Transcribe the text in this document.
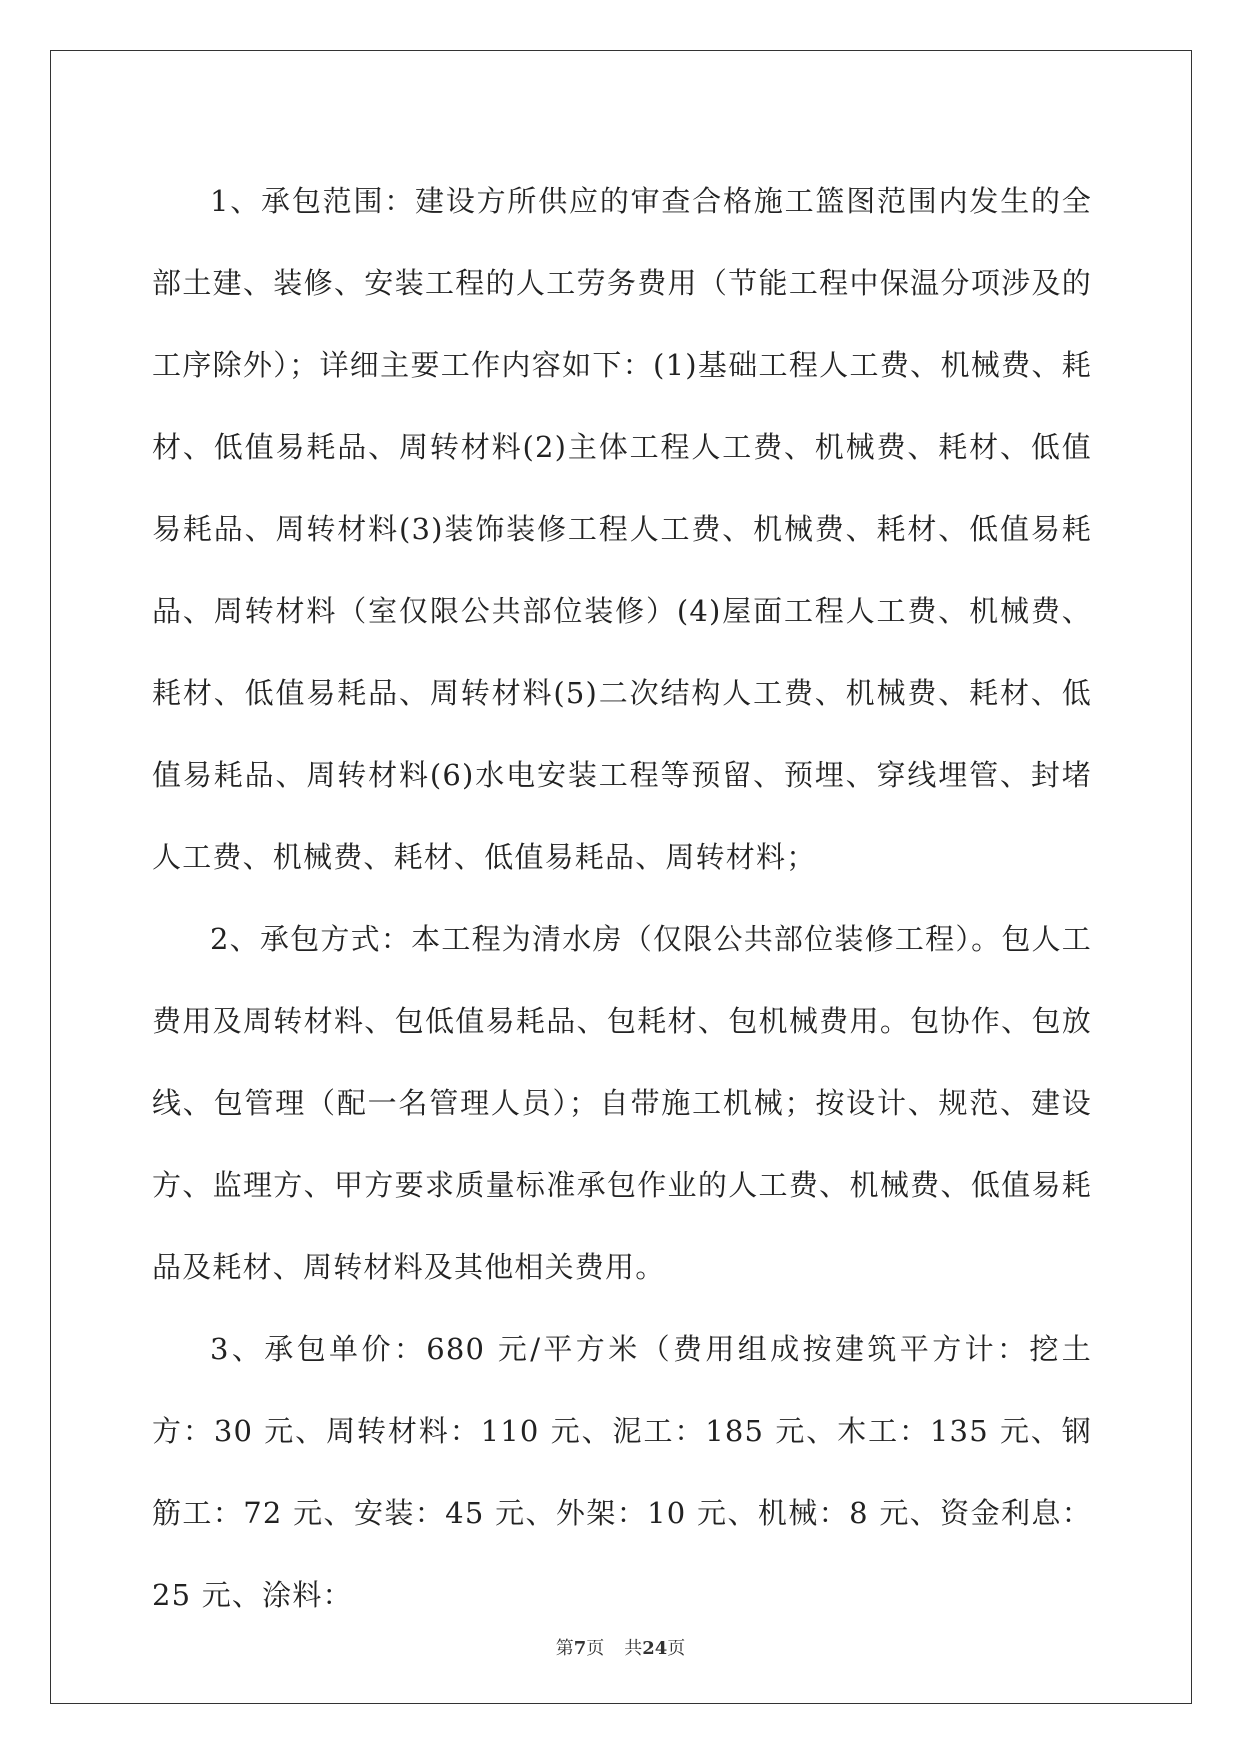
1、承包范围：建设方所供应的审查合格施工篮图范围内发生的全部土建、装修、安装工程的人工劳务费用（节能工程中保温分项涉及的工序除外）；详细主要工作内容如下：(1)基础工程人工费、机械费、耗材、低值易耗品、周转材料(2)主体工程人工费、机械费、耗材、低值易耗品、周转材料(3)装饰装修工程人工费、机械费、耗材、低值易耗品、周转材料（室仅限公共部位装修）(4)屋面工程人工费、机械费、耗材、低值易耗品、周转材料(5)二次结构人工费、机械费、耗材、低值易耗品、周转材料(6)水电安装工程等预留、预埋、穿线埋管、封堵人工费、机械费、耗材、低值易耗品、周转材料；

2、承包方式：本工程为清水房（仅限公共部位装修工程）。包人工费用及周转材料、包低值易耗品、包耗材、包机械费用。包协作、包放线、包管理（配一名管理人员）；自带施工机械；按设计、规范、建设方、监理方、甲方要求质量标准承包作业的人工费、机械费、低值易耗品及耗材、周转材料及其他相关费用。

3、承包单价：680 元/平方米（费用组成按建筑平方计：挖土方：30 元、周转材料：110 元、泥工：185 元、木工：135 元、钢筋工：72 元、安装：45 元、外架：10 元、机械：8 元、资金利息：25 元、涂料：

第7页 共24页
